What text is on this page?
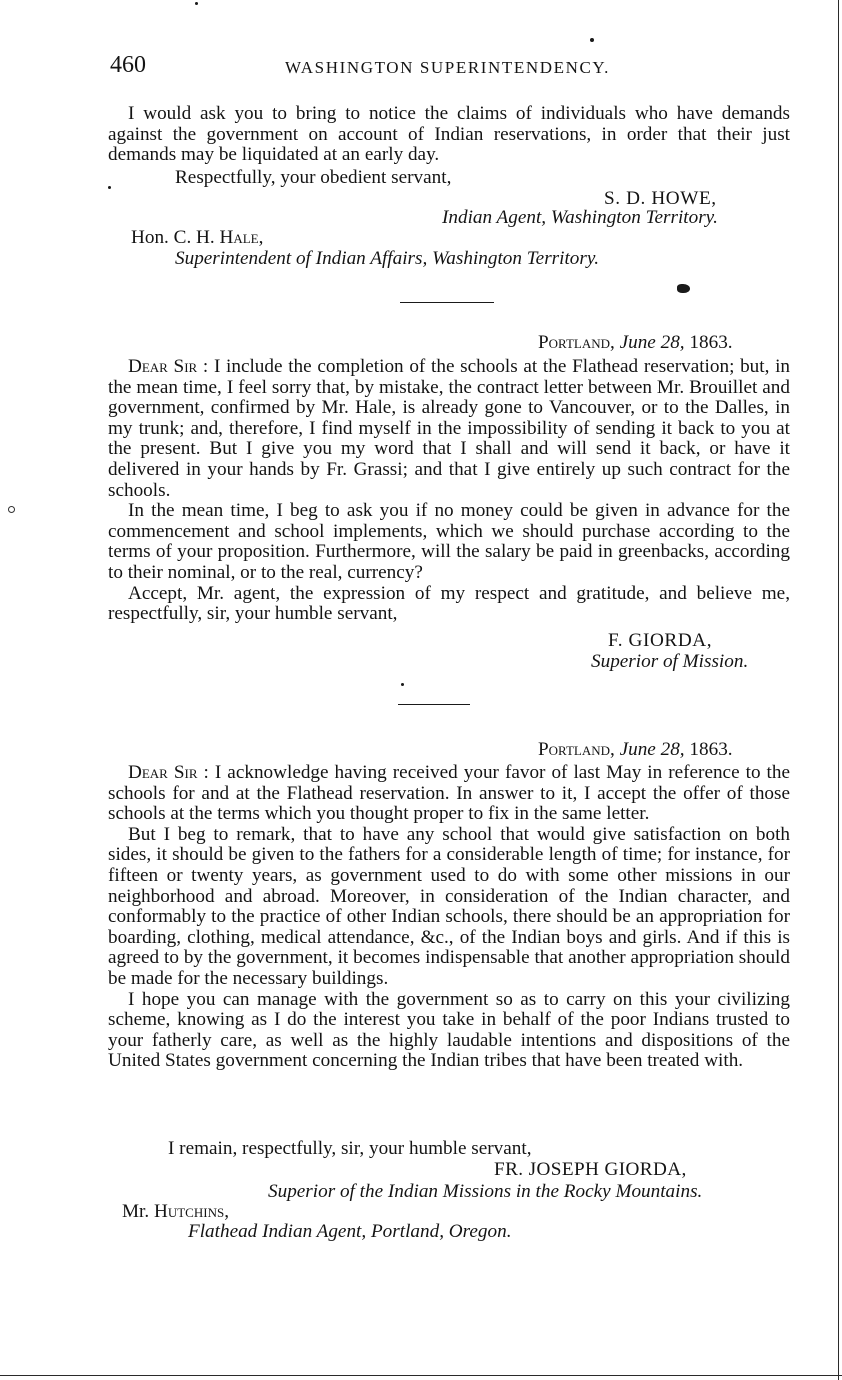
460	WASHINGTON SUPERINTENDENCY.

I would ask you to bring to notice the claims of individuals who have demands against the government on account of Indian reservations, in order that their just demands may be liquidated at an early day.

Respectfully, your obedient servant,
S. D. HOWE,
Indian Agent, Washington Territory.
Hon. C. H. Hale,
Superintendent of Indian Affairs, Washington Territory.
Portland, June 28, 1863.

Dear Sir : I include the completion of the schools at the Flathead reservation; but, in the mean time, I feel sorry that, by mistake, the contract letter between Mr. Brouillet and government, confirmed by Mr. Hale, is already gone to Vancouver, or to the Dalles, in my trunk; and, therefore, I find myself in the impossibility of sending it back to you at the present. But I give you my word that I shall and will send it back, or have it delivered in your hands by Fr. Grassi; and that I give entirely up such contract for the schools.

In the mean time, I beg to ask you if no money could be given in advance for the commencement and school implements, which we should purchase according to the terms of your proposition. Furthermore, will the salary be paid in greenbacks, according to their nominal, or to the real, currency?

Accept, Mr. agent, the expression of my respect and gratitude, and believe me, respectfully, sir, your humble servant,

F. GIORDA,
Superior of Mission.
Portland, June 28, 1863.

Dear Sir : I acknowledge having received your favor of last May in reference to the schools for and at the Flathead reservation. In answer to it, I accept the offer of those schools at the terms which you thought proper to fix in the same letter.

But I beg to remark, that to have any school that would give satisfaction on both sides, it should be given to the fathers for a considerable length of time; for instance, for fifteen or twenty years, as government used to do with some other missions in our neighborhood and abroad. Moreover, in consideration of the Indian character, and conformably to the practice of other Indian schools, there should be an appropriation for boarding, clothing, medical attendance, &c., of the Indian boys and girls. And if this is agreed to by the government, it becomes indispensable that another appropriation should be made for the necessary buildings.

I hope you can manage with the government so as to carry on this your civilizing scheme, knowing as I do the interest you take in behalf of the poor Indians trusted to your fatherly care, as well as the highly laudable intentions and dispositions of the United States government concerning the Indian tribes that have been treated with.

I remain, respectfully, sir, your humble servant,
FR. JOSEPH GIORDA,
Superior of the Indian Missions in the Rocky Mountains.
Mr. Hutchins,
Flathead Indian Agent, Portland, Oregon.
